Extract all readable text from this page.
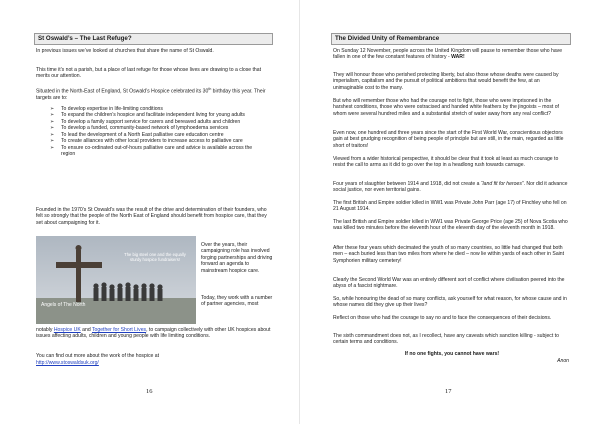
St Oswald’s – The Last Refuge?

In previous issues we’ve looked at churches that share the name of St Oswald.

This time it’s not a parish, but a place of last refuge for those whose lives are drawing to a close that merits our attention.

Situated in the North-East of England, St Oswald’s Hospice celebrated its 30th birthday this year. Their targets are to:

➢ To develop expertise in life-limiting conditions
➢ To expand the children’s hospice and facilitate independent living for young adults
➢ To develop a family support service for carers and bereaved adults and children
➢ To develop a funded, community-based network of lymphoedema services
➢ To lead the development of a North East palliative care education centre
➢ To create alliances with other local providers to increase access to palliative care
➢ To ensure co-ordinated out-of-hours palliative care and advice is available across the region

Founded in the 1970’s St Oswald’s was the result of the drive and determination of their founders, who felt so strongly that the people of the North East of England should benefit from hospice care, that they set about campaigning for it.

Angels of The North
The big steel one and the equally sturdy hospice fundraisers!

Over the years, their campaigning role has involved forging partnerships and driving forward an agenda to mainstream hospice care.

Today, they work with a number of partner agencies, most

notably Hospice UK and Together for Short Lives, to campaign collectively with other UK hospices about issues affecting adults, children and young people with life limiting conditions.

You can find out more about the work of the hospice at

http://www.stoswaldsuk.org/

16
The Divided Unity of Remembrance

On Sunday 12 November, people across the United Kingdom will pause to remember those who have fallen in one of the few constant features of history - WAR!

They will honour those who perished protecting liberty, but also those whose deaths were caused by imperialism, capitalism and the pursuit of political ambitions that would benefit the few, at an unimaginable cost to the many.

But who will remember those who had the courage not to fight, those who were imprisoned in the harshest conditions, those who were ostracised and handed white feathers by the jingoists – most of whom were several hundred miles and a substantial stretch of water away from any real conflict?

Even now, one hundred and three years since the start of the First World War, conscientious objectors gain at best grudging recognition of being people of principle but are still, in the main, regarded as little short of traitors!

Viewed from a wider historical perspective, it should be clear that it took at least as much courage to resist the call to arms as it did to go over the top in a headlong rush towards carnage.

Four years of slaughter between 1914 and 1918, did not create a “land fit for heroes”. Nor did it advance social justice, nor even territorial gains.

The first British and Empire soldier killed in WW1 was Private John Parr (age 17) of Finchley who fell on 21 August 1914.

The last British and Empire soldier killed in WW1 was Private George Price (age 25) of Nova Scotia who was killed two minutes before the eleventh hour of the eleventh day of the eleventh month in 1918.

After these four years which decimated the youth of so many countries, so little had changed that both men – each buried less than two miles from where he died – now lie within yards of each other in Saint Symphorien military cemetery!

Clearly the Second World War was an entirely different sort of conflict where civilisation peered into the abyss of a fascist nightmare.

So, while honouring the dead of so many conflicts, ask yourself for what reason, for whose cause and in whose names did they give up their lives?

Reflect on those who had the courage to say no and to face the consequences of their decisions.

The sixth commandment does not, as I recollect, have any caveats which sanction killing - subject to certain terms and conditions.

If no one fights, you cannot have wars!

Anon

17
